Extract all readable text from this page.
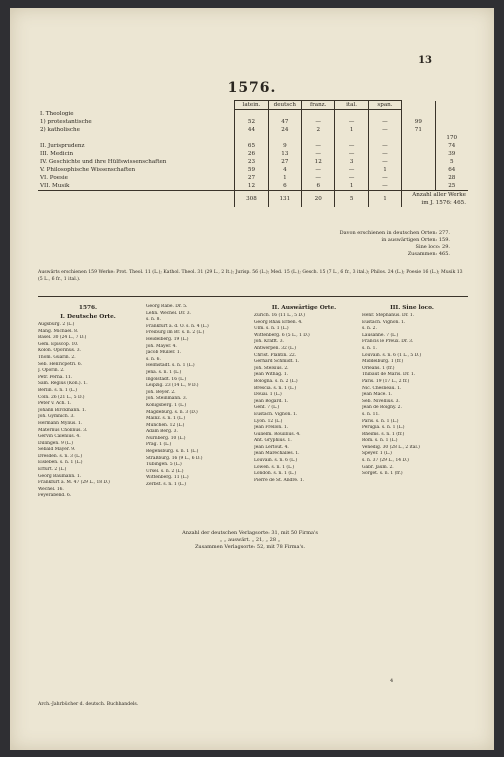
13
1576.
	latein.	deutsch	franz.	ital.	span.		
I. Theologie							
1) protestantische	52	47	—	—	—	99	
2) katholische	44	24	2	1	—	71	
							170
II. Jurisprudenz	65	9	—	—	—		74
III. Medicin	26	13	—	—	—		39
IV. Geschichte und ihre Hülfswissenschaften	23	27	12	3	—		5
V. Philosophische Wissenschaften	59	4	—	—	1		64
VI. Poesie	27	1	—	—	—		28
VII. Musik	12	6	6	1	—		25
	308	131	20	5	1	Anzahl aller Werke im J. 1576: 465.	
Davon erschienen in deutschen Orten: 277.
in auswärtigen Orten: 159.
Sine loco: 29.
Zusammen: 465.
Auswärts erschienen 159 Werke: Prot. Theol. 11 (L.); Kathol. Theol. 31 (29 L., 2 It.); Jurisp. 56 (L.); Med. 15 (L.); Gesch. 15 (7 L., 6 fr., 3 ital.); Philos. 24 (L.); Poesie 16 (L.); Musik 13 (5 L., 6 fr., 1 ital.).
1576.
I. Deutsche Orte.
Augsburg. 2 (L.)
Mang. Michael. 8.
Basel. 30 (24 L., 7 D.)
Gem. Episcop. 10.
Kolon. Oporinus. 3.
Thom. Guarin. 2.
Seb. Henricpetri. 6.
J. Oporin. 2.
Petr. Perna. 11.
Sam. Regius (Kön.). 1.
Berlin. s. n. 1 (L.)
Cöln. 26 (21 L., 5 D.)
Peter v. Ach. 1.
Johann Birckmann. 1.
Joh. Gymnich. 3.
Hermann Mylius. 1.
Maternus Cholinus. 3.
Gervin Calenius. 4.
Dillingen. 9 (L.)
Sebald Mayer. 9.
Dresden. s. n. 3 (L.)
Eisleben. s. n. 1 (L.)
Erfurt. 2 (L.)
Georg Baumann. 1.
Frankfurt a. M. 47 (29 L., 18 D.)
Wechel. 16.
Feyerabend. 6.
Georg Rabe. Dr. 5.
Lehn. Wechel. Dr. 3.
s. n. 8.
Frankfurt a. d. O. s. n. 4 (L.)
Freiburg im Br. s. n. 2 (L.)
Heidelberg. 19 (L.)
Joh. Mayer. 4.
Jacob Müller. 1.
s. n. 6.
Helmstädt. s. n. 1 (L.)
Jena. s. n. 1 (L.)
Ingolstadt. 16 (L.)
Leipzig. 23 (14 L., 9 D.)
Joh. Beyer. 2.
Joh. Steinmann. 3.
Königsberg. 1 (L.)
Magdeburg. s. n. 3 (D.)
Mainz. s. n. 1 (L.)
München. 12 (L.)
Adam Berg. 3.
Nürnberg. 10 (L.)
Prag. 1 (L.)
Regensburg. s. n. 1 (L.)
Straßburg. 16 (9 L., 6 D.)
Tübingen. 5 (L.)
Ursel. s. n. 2 (L.)
Wittenberg. 11 (L.)
Zerbst. s. n. 1 (L.)
II. Auswärtige Orte.
Zürich. 16 (11 L., 5 D.)
Georg Rhau Erben. 4.
Ulm. s. n. 1 (L.)
Wittenberg. 6 (5 L., 1 D.)
Joh. Krafft. 3.
Antwerpen. 32 (L.)
Christ. Plantin. 22.
Gerhard Schmidt. 1.
Joh. Stelsius. 2.
Jean Withag. 1.
Bologna. s. n. 2 (L.)
Brescia. s. n. 1 (L.)
Douai. 1 (L.)
Jean Bogard. 1.
Genf. 7 (L.)
Eustach. Vignon. 1.
Lyon. 12 (L.)
Jean Frellon. 1.
Gulielm. Rouillius. 4.
Ant. Gryphius. 1.
Jean Lertout. 4.
Jean Marechalles. 1.
Louvain. s. n. 6 (L.)
Löwen. s. n. 1 (L.)
London. s. n. 1 (L.)
Pierre de St. André. 1.
III. Sine loco.
Henr. Stephanus. Dr. 1.
Eustach. Vignon. 1.
s. n. 2.
Lausanne. 7 (L.)
Francis le Preux. Dr. 3.
s. n. 1.
Louvain. s. n. 6 (1 L., 5 D.)
Middelburg. 1 (fr.)
Orleans. 1 (fr.)
Thibaut de Maris. Dr. 1.
Paris. 19 (17 L., 2 fr.)
Nic. Chesneau. 1.
Jean Macé. 1.
Seb. Nivellius. 3.
Jean de Roigny. 2.
s. n. 11.
Paris. s. n. 1 (L.)
Perugia. s. n. 1 (L.)
Rheims. s. n. 1 (fr.)
Rom. s. n. 1 (L.)
Venedig. 30 (28 L., 2 ital.)
Speyer. 1 (L.)
s. n. 37 (29 L., 14 D.)
Gabr. Jaum. 2.
Sorget. s. n. 1 (fr.)
Anzahl der deutschen Verlagsorte: 31, mit 50 Firma's
„ „ auswärt. „ 21, „ 28 „
Zusammen Verlagsorte: 52, mit 78 Firma's.
4
Arch.-Jahrbücher d. deutsch. Buchhandels.
